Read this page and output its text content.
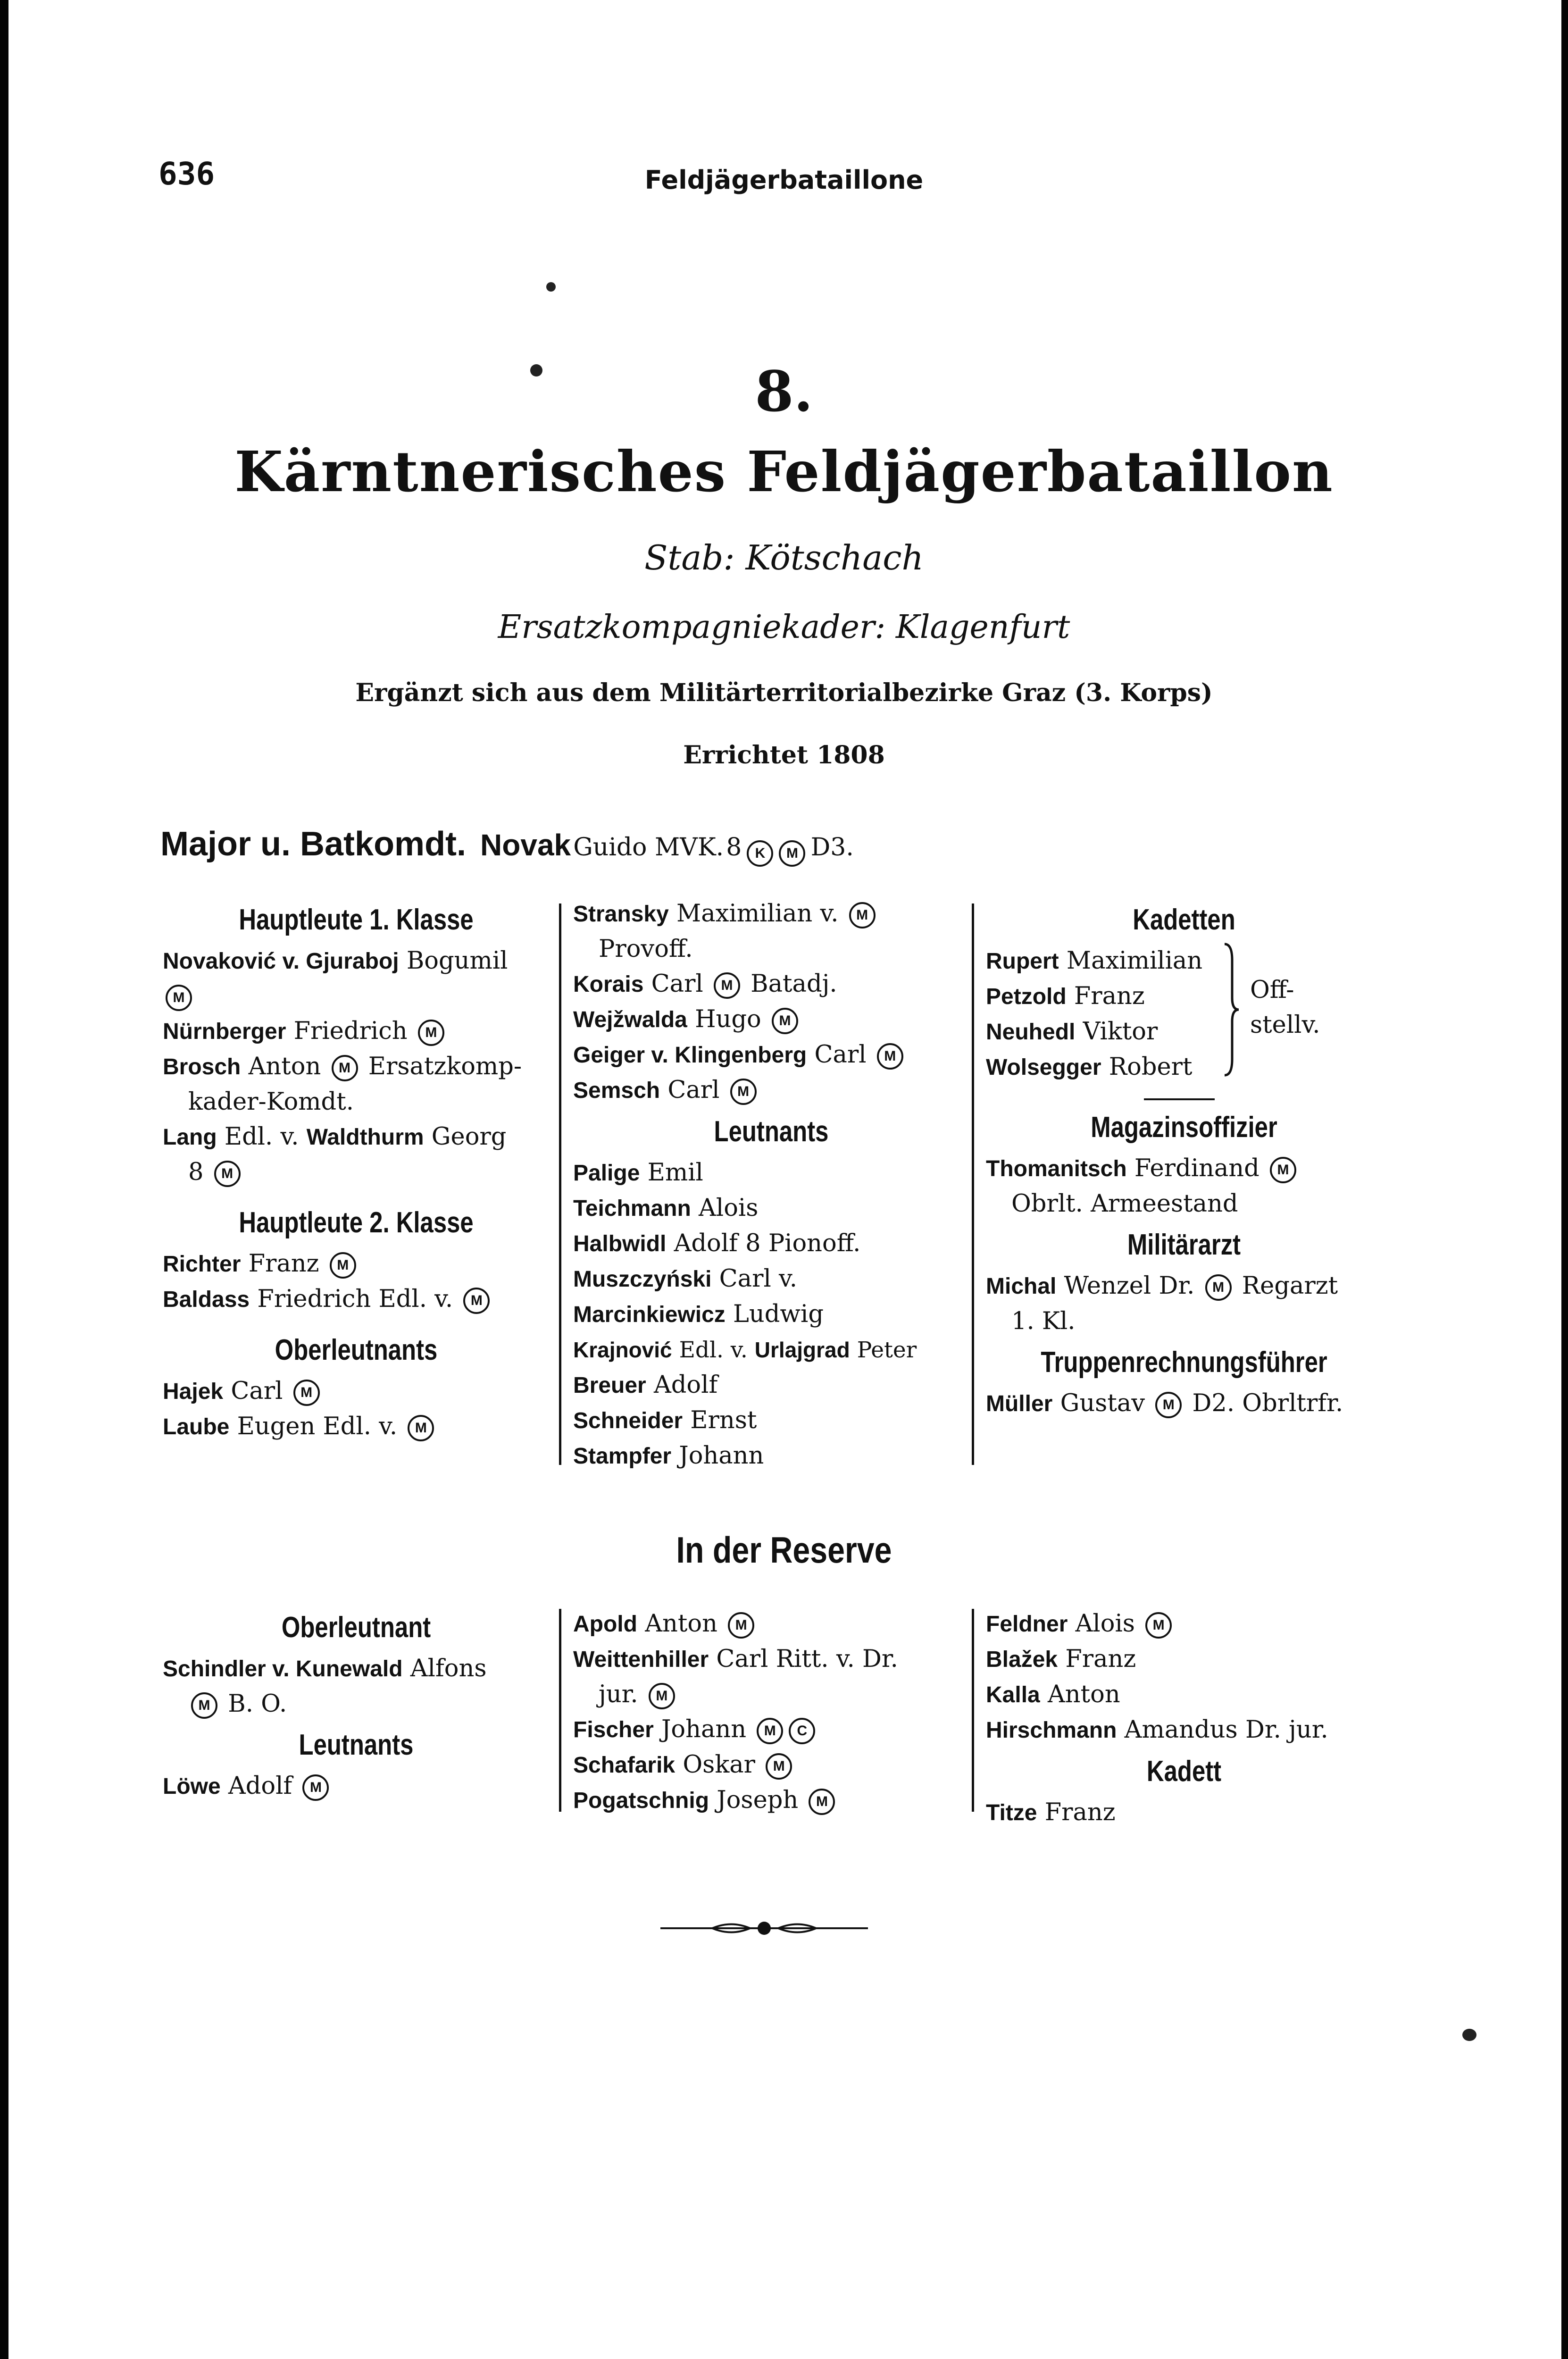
636	Feldjägerbataillone
8.
Kärntnerisches Feldjägerbataillon
Stab: Kötschach
Ersatzkompagniekader: Klagenfurt
Ergänzt sich aus dem Militärterritorialbezirke Graz (3. Korps)
Errichtet 1808
Major u. Batkomdt. Novak Guido MVK. 8 K M D3.
Hauptleute 1. Klasse
Novaković v. Gjuraboj Bogumil
M
Nürnberger Friedrich M
Brosch Anton M Ersatzkomp-
kader-Komdt.
Lang Edl. v. Waldthurm Georg
8 M
Hauptleute 2. Klasse
Richter Franz M
Baldass Friedrich Edl. v. M
Oberleutnants
Hajek Carl M
Laube Eugen Edl. v. M
Stransky Maximilian v. M
Provoff.
Korais Carl M Batadj.
Wejžwalda Hugo M
Geiger v. Klingenberg Carl M
Semsch Carl M
Leutnants
Palige Emil
Teichmann Alois
Halbwidl Adolf 8 Pionoff.
Muszczyński Carl v.
Marcinkiewicz Ludwig
Krajnović Edl. v. Urlajgrad Peter
Breuer Adolf
Schneider Ernst
Stampfer Johann
Kadetten
Rupert Maximilian
Petzold Franz
Neuhedl Viktor
Wolsegger Robert
Magazinsoffizier
Thomanitsch Ferdinand M
Obrlt. Armeestand
Militärarzt
Michal Wenzel Dr. M Regarzt
1. Kl.
Truppenrechnungsführer
Müller Gustav M D2. Obrltrfr.
Off-
stellv.
In der Reserve
Oberleutnant
Schindler v. Kunewald Alfons
M B. O.
Leutnants
Löwe Adolf M
Apold Anton M
Weittenhiller Carl Ritt. v. Dr.
jur. M
Fischer Johann M C
Schafarik Oskar M
Pogatschnig Joseph M
Feldner Alois M
Blažek Franz
Kalla Anton
Hirschmann Amandus Dr. jur.
Kadett
Titze Franz
